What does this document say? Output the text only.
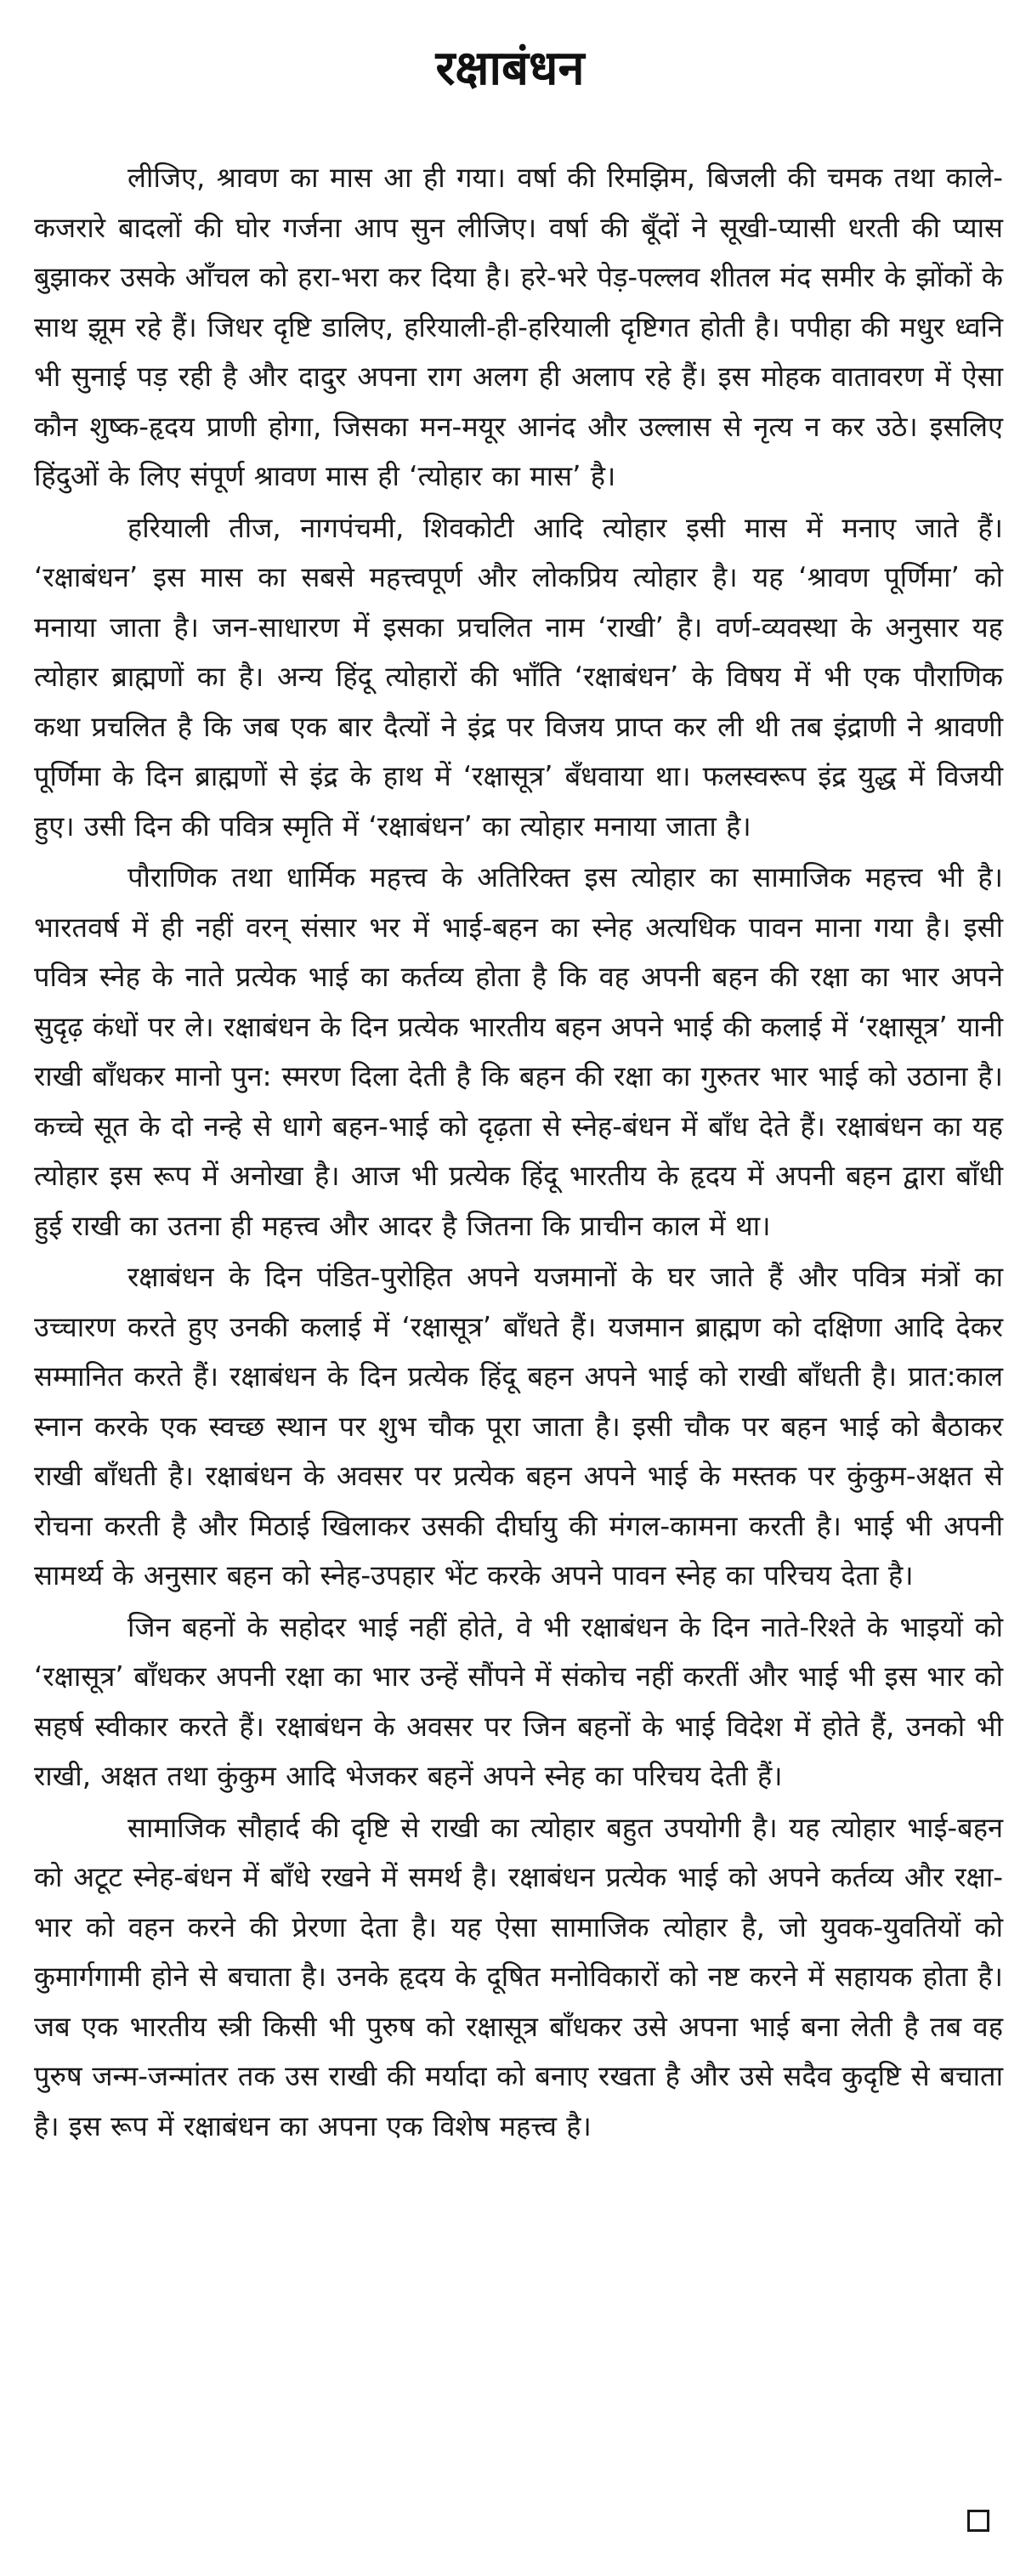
रक्षाबंधन

लीजिए, श्रावण का मास आ ही गया। वर्षा की रिमझिम, बिजली की चमक तथा काले-कजरारे बादलों की घोर गर्जना आप सुन लीजिए। वर्षा की बूँदों ने सूखी-प्यासी धरती की प्यास बुझाकर उसके आँचल को हरा-भरा कर दिया है। हरे-भरे पेड़-पल्लव शीतल मंद समीर के झोंकों के साथ झूम रहे हैं। जिधर दृष्टि डालिए, हरियाली-ही-हरियाली दृष्टिगत होती है। पपीहा की मधुर ध्वनि भी सुनाई पड़ रही है और दादुर अपना राग अलग ही अलाप रहे हैं। इस मोहक वातावरण में ऐसा कौन शुष्क-हृदय प्राणी होगा, जिसका मन-मयूर आनंद और उल्लास से नृत्य न कर उठे। इसलिए हिंदुओं के लिए संपूर्ण श्रावण मास ही ‘त्योहार का मास’ है।

हरियाली तीज, नागपंचमी, शिवकोटी आदि त्योहार इसी मास में मनाए जाते हैं। ‘रक्षाबंधन’ इस मास का सबसे महत्त्वपूर्ण और लोकप्रिय त्योहार है। यह ‘श्रावण पूर्णिमा’ को मनाया जाता है। जन-साधारण में इसका प्रचलित नाम ‘राखी’ है। वर्ण-व्यवस्था के अनुसार यह त्योहार ब्राह्मणों का है। अन्य हिंदू त्योहारों की भाँति ‘रक्षाबंधन’ के विषय में भी एक पौराणिक कथा प्रचलित है कि जब एक बार दैत्यों ने इंद्र पर विजय प्राप्त कर ली थी तब इंद्राणी ने श्रावणी पूर्णिमा के दिन ब्राह्मणों से इंद्र के हाथ में ‘रक्षासूत्र’ बँधवाया था। फलस्वरूप इंद्र युद्ध में विजयी हुए। उसी दिन की पवित्र स्मृति में ‘रक्षाबंधन’ का त्योहार मनाया जाता है।

पौराणिक तथा धार्मिक महत्त्व के अतिरिक्त इस त्योहार का सामाजिक महत्त्व भी है। भारतवर्ष में ही नहीं वरन् संसार भर में भाई-बहन का स्नेह अत्यधिक पावन माना गया है। इसी पवित्र स्नेह के नाते प्रत्येक भाई का कर्तव्य होता है कि वह अपनी बहन की रक्षा का भार अपने सुदृढ़ कंधों पर ले। रक्षाबंधन के दिन प्रत्येक भारतीय बहन अपने भाई की कलाई में ‘रक्षासूत्र’ यानी राखी बाँधकर मानो पुन: स्मरण दिला देती है कि बहन की रक्षा का गुरुतर भार भाई को उठाना है। कच्चे सूत के दो नन्हे से धागे बहन-भाई को दृढ़ता से स्नेह-बंधन में बाँध देते हैं। रक्षाबंधन का यह त्योहार इस रूप में अनोखा है। आज भी प्रत्येक हिंदू भारतीय के हृदय में अपनी बहन द्वारा बाँधी हुई राखी का उतना ही महत्त्व और आदर है जितना कि प्राचीन काल में था।

रक्षाबंधन के दिन पंडित-पुरोहित अपने यजमानों के घर जाते हैं और पवित्र मंत्रों का उच्चारण करते हुए उनकी कलाई में ‘रक्षासूत्र’ बाँधते हैं। यजमान ब्राह्मण को दक्षिणा आदि देकर सम्मानित करते हैं। रक्षाबंधन के दिन प्रत्येक हिंदू बहन अपने भाई को राखी बाँधती है। प्रात:काल स्नान करके एक स्वच्छ स्थान पर शुभ चौक पूरा जाता है। इसी चौक पर बहन भाई को बैठाकर राखी बाँधती है। रक्षाबंधन के अवसर पर प्रत्येक बहन अपने भाई के मस्तक पर कुंकुम-अक्षत से रोचना करती है और मिठाई खिलाकर उसकी दीर्घायु की मंगल-कामना करती है। भाई भी अपनी सामर्थ्य के अनुसार बहन को स्नेह-उपहार भेंट करके अपने पावन स्नेह का परिचय देता है।

जिन बहनों के सहोदर भाई नहीं होते, वे भी रक्षाबंधन के दिन नाते-रिश्ते के भाइयों को ‘रक्षासूत्र’ बाँधकर अपनी रक्षा का भार उन्हें सौंपने में संकोच नहीं करतीं और भाई भी इस भार को सहर्ष स्वीकार करते हैं। रक्षाबंधन के अवसर पर जिन बहनों के भाई विदेश में होते हैं, उनको भी राखी, अक्षत तथा कुंकुम आदि भेजकर बहनें अपने स्नेह का परिचय देती हैं।

सामाजिक सौहार्द की दृष्टि से राखी का त्योहार बहुत उपयोगी है। यह त्योहार भाई-बहन को अटूट स्नेह-बंधन में बाँधे रखने में समर्थ है। रक्षाबंधन प्रत्येक भाई को अपने कर्तव्य और रक्षा-भार को वहन करने की प्रेरणा देता है। यह ऐसा सामाजिक त्योहार है, जो युवक-युवतियों को कुमार्गगामी होने से बचाता है। उनके हृदय के दूषित मनोविकारों को नष्ट करने में सहायक होता है। जब एक भारतीय स्त्री किसी भी पुरुष को रक्षासूत्र बाँधकर उसे अपना भाई बना लेती है तब वह पुरुष जन्म-जन्मांतर तक उस राखी की मर्यादा को बनाए रखता है और उसे सदैव कुदृष्टि से बचाता है। इस रूप में रक्षाबंधन का अपना एक विशेष महत्त्व है।
